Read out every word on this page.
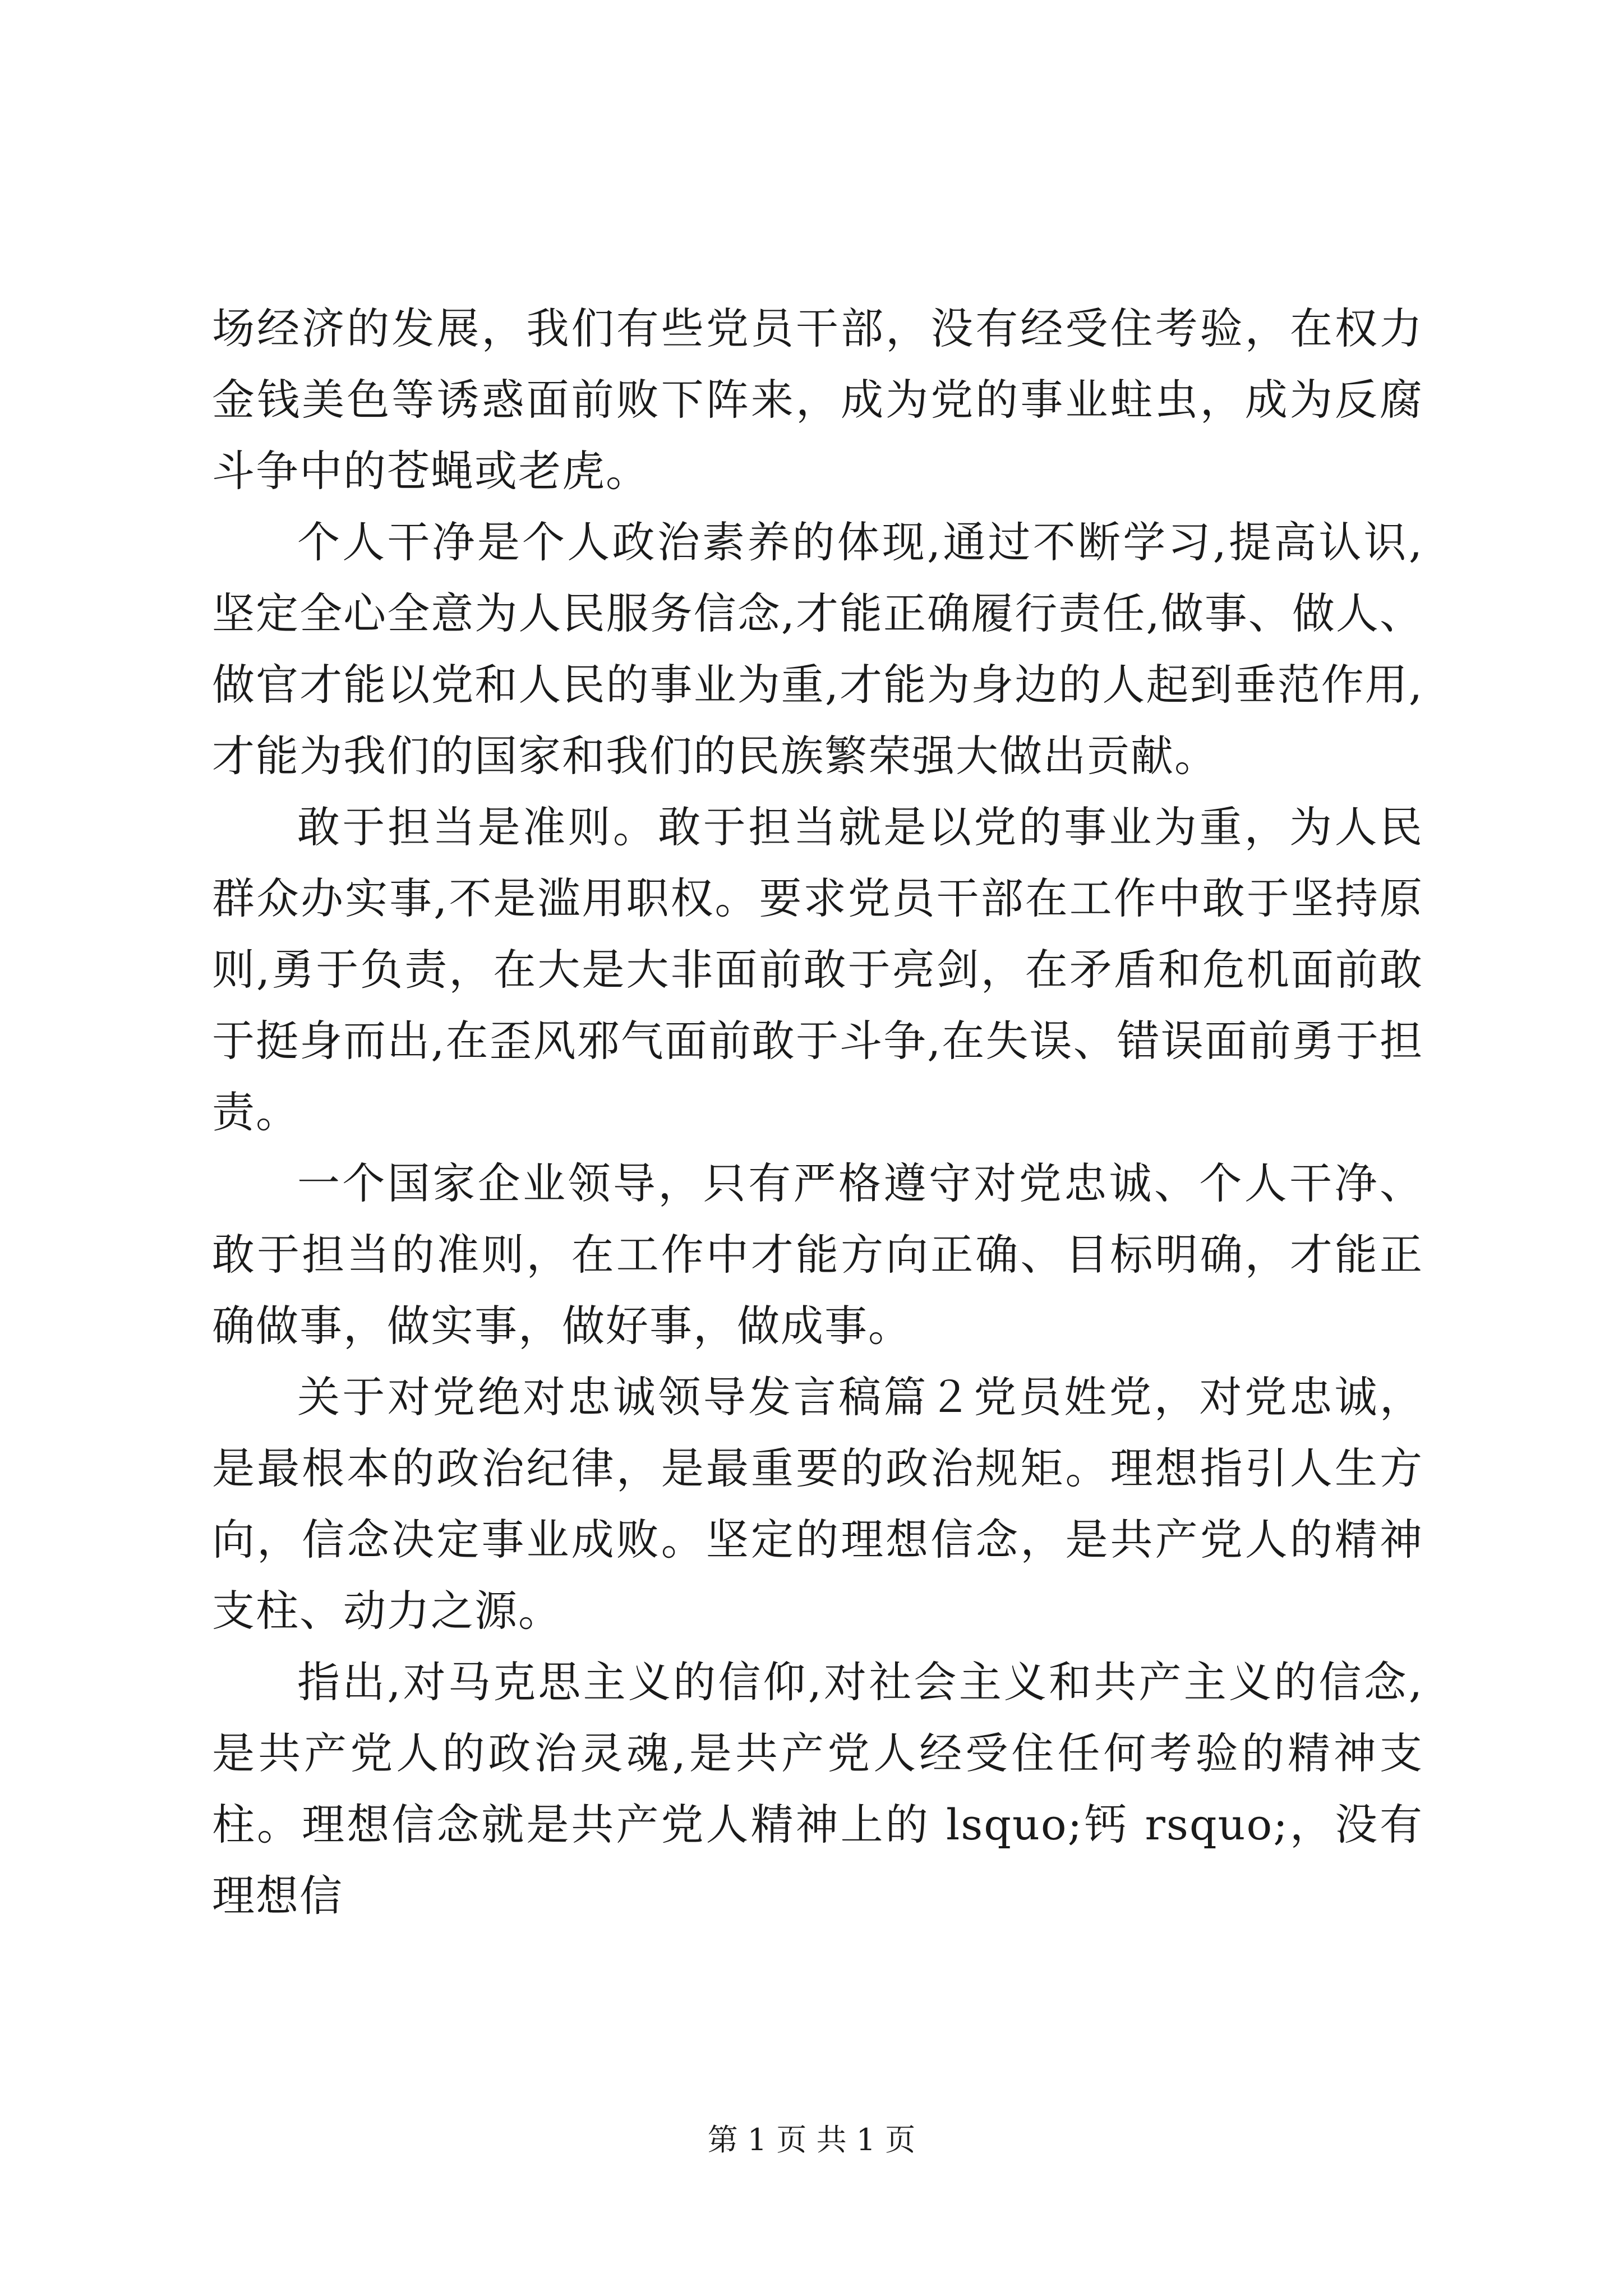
场经济的发展，我们有些党员干部，没有经受住考验，在权力金钱美色等诱惑面前败下阵来，成为党的事业蛀虫，成为反腐斗争中的苍蝇或老虎。

个人干净是个人政治素养的体现,通过不断学习,提高认识,坚定全心全意为人民服务信念,才能正确履行责任,做事、做人、做官才能以党和人民的事业为重,才能为身边的人起到垂范作用,才能为我们的国家和我们的民族繁荣强大做出贡献。

敢于担当是准则。敢于担当就是以党的事业为重，为人民群众办实事,不是滥用职权。要求党员干部在工作中敢于坚持原则,勇于负责，在大是大非面前敢于亮剑，在矛盾和危机面前敢于挺身而出,在歪风邪气面前敢于斗争,在失误、错误面前勇于担责。

一个国家企业领导，只有严格遵守对党忠诚、个人干净、敢于担当的准则，在工作中才能方向正确、目标明确，才能正确做事，做实事，做好事，做成事。

关于对党绝对忠诚领导发言稿篇２党员姓党，对党忠诚，是最根本的政治纪律，是最重要的政治规矩。理想指引人生方向，信念决定事业成败。坚定的理想信念，是共产党人的精神支柱、动力之源。

指出,对马克思主义的信仰,对社会主义和共产主义的信念,是共产党人的政治灵魂,是共产党人经受住任何考验的精神支柱。理想信念就是共产党人精神上的 lsquo;钙 rsquo;，没有理想信

第 1 页 共 1 页
